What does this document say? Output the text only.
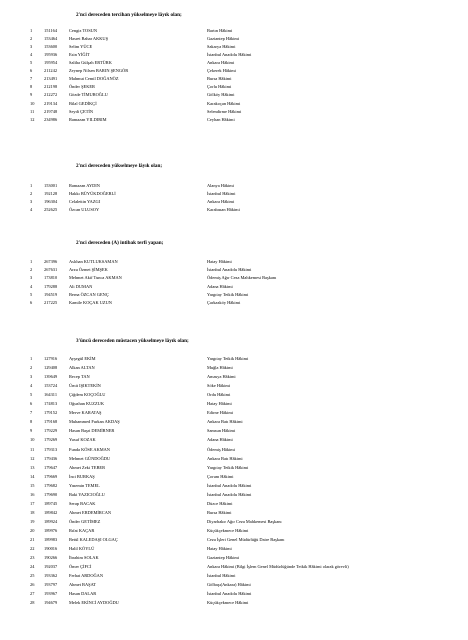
2'nci dereceden tercihan yükselmeye lâyık olan;
1	151164	Cengiz TOSUN	Bartın Hâkimi
2	153464	Hasret Bahar AKKUŞ	Gaziantep Hâkimi
3	153600	Selim YÜCE	Sakarya Hâkimi
4	195936	Esin YİĞİT	İstanbul Anadolu Hâkimi
5	195954	Saliha Gülşah ERTÜRK	Ankara Hâkimi
6	211242	Zeynep Nilsen BARIN ŞENGÖR	Çekerek Hâkimi
7	213491	Mahmut Cemil DOĞANÖZ	Bursa Hâkimi
8	212198	Önder ŞEKER	Çorlu Hâkimi
9	212272	Gözde TİMUROĞLU	Gölköy Hâkimi
10 219134	Bilal GEDİKÇİ	Karakoçan Hâkimi
11 219748	Seydi ÇETİN	Selendirme Hâkimi
12 234986	Ramazan YILDIRIM	Ceyhan Hâkimi
2'nci dereceden yükselmeye lâyık olan;
1	153001	Ramazan AYDIN	Alanya Hâkimi
2	192128	Hakkı BÜYÜKDOĞERLİ	İstanbul Hâkimi
3	196304	Celalettin YAZGI	Ankara Hâkimi
4	252625	Özcan ULUSOY	Karabasan Hâkimi
2'nci dereceden (A) intibak terfi yapan;
1	267396	Aslıhan KUTLUKSAMAN	Hatay Hâkimi
2	267631	Arzu Özmet ŞİMŞEK	İstanbul Anadolu Hâkimi
3	173810	Mehmet Akif Tunca AKMAN	Ödemiş Ağır Ceza Mahkemesi Başkanı
4	179288	Ali DUMAN	Adana Hâkimi
5	194519	Berna ÖZCAN GENÇ	Yargıtay Tetkik Hâkimi
6	217225	Kamile KOÇAK UZUN	Çarkazköy Hâkimi
3'üncü dereceden müstacen yükselmeye lâyık olan;
1	127916	Ayşegül EKİM	Yargıtay Tetkik Hâkimi
2	129408	Alkan ALTAN	Muğla Hâkimi
3	139649	Recep TAN	Amasya Hâkimi
4	153724	Ümit IŞIKTEKİN	Söke Hâkimi
5	164311	Çiğdem KOÇOĞLU	Ordu Hâkimi
6	174813	Oğuzhan KUZZUK	Hatay Hâkimi
7	179152	Merve KARATAŞ	Edirne Hâkimi
8	179168	Muhammed Furkan AKDAŞ	Ankara Batı Hâkimi
9	179229	Hasan Başri DEMİRNER	Samsun Hâkimi
10 179269	Yusuf KOZAK	Adana Hâkimi
11 179313	Funda KÖSE AKMAN	Ödemiş Hâkimi
12 179436	Mehmet GÜNDOĞDU	Ankara Batı Hâkimi
13 179647	Ahmet Zeki TEBER	Yargıtay Tetkik Hâkimi
14 179669	İnci BURKAŞ	Çorum Hâkimi
15 179682	Yasemin TEMEL	İstanbul Anadolu Hâkimi
16 179690	Baki YAZICIOĞLU	İstanbul Anadolu Hâkimi
17 189745	Serap BACAK	Düzce Hâkimi
18 189842	Ahmet ERDEMİRCAN	Bursa Hâkimi
19 189924	Önder GETİMEZ	Diyarbakır Ağır Ceza Mahkemesi Başkanı
20 189976	Rıfat KAÇAR	Küçükçekmece Hâkimi
21 189983	Betül KALEDAŞI OLGAÇ	Ceza İşleri Genel Müdürlüğü Daire Başkanı
22 190016	Halil KÖYLÜ	Hatay Hâkimi
23 190266	İbrahim SOLAK	Gaziantep Hâkimi
24 192037	Ömer ÇİFCİ	Ankara Hâkimi (Bilgi İşlem Genel Müdürlüğünde Tetkik Hâkimi olarak görevli)
25 193362	Ferhat ARDOĞAN	İstanbul Hâkimi
26 193797	Ahmet BAŞAT	Gölbaşı(Ankara) Hâkimi
27 193967	Hasan DALAR	İstanbul Anadolu Hâkimi
28 194679	Melek EKİNCİ AYDOĞDU	Küçükçekmece Hâkimi
